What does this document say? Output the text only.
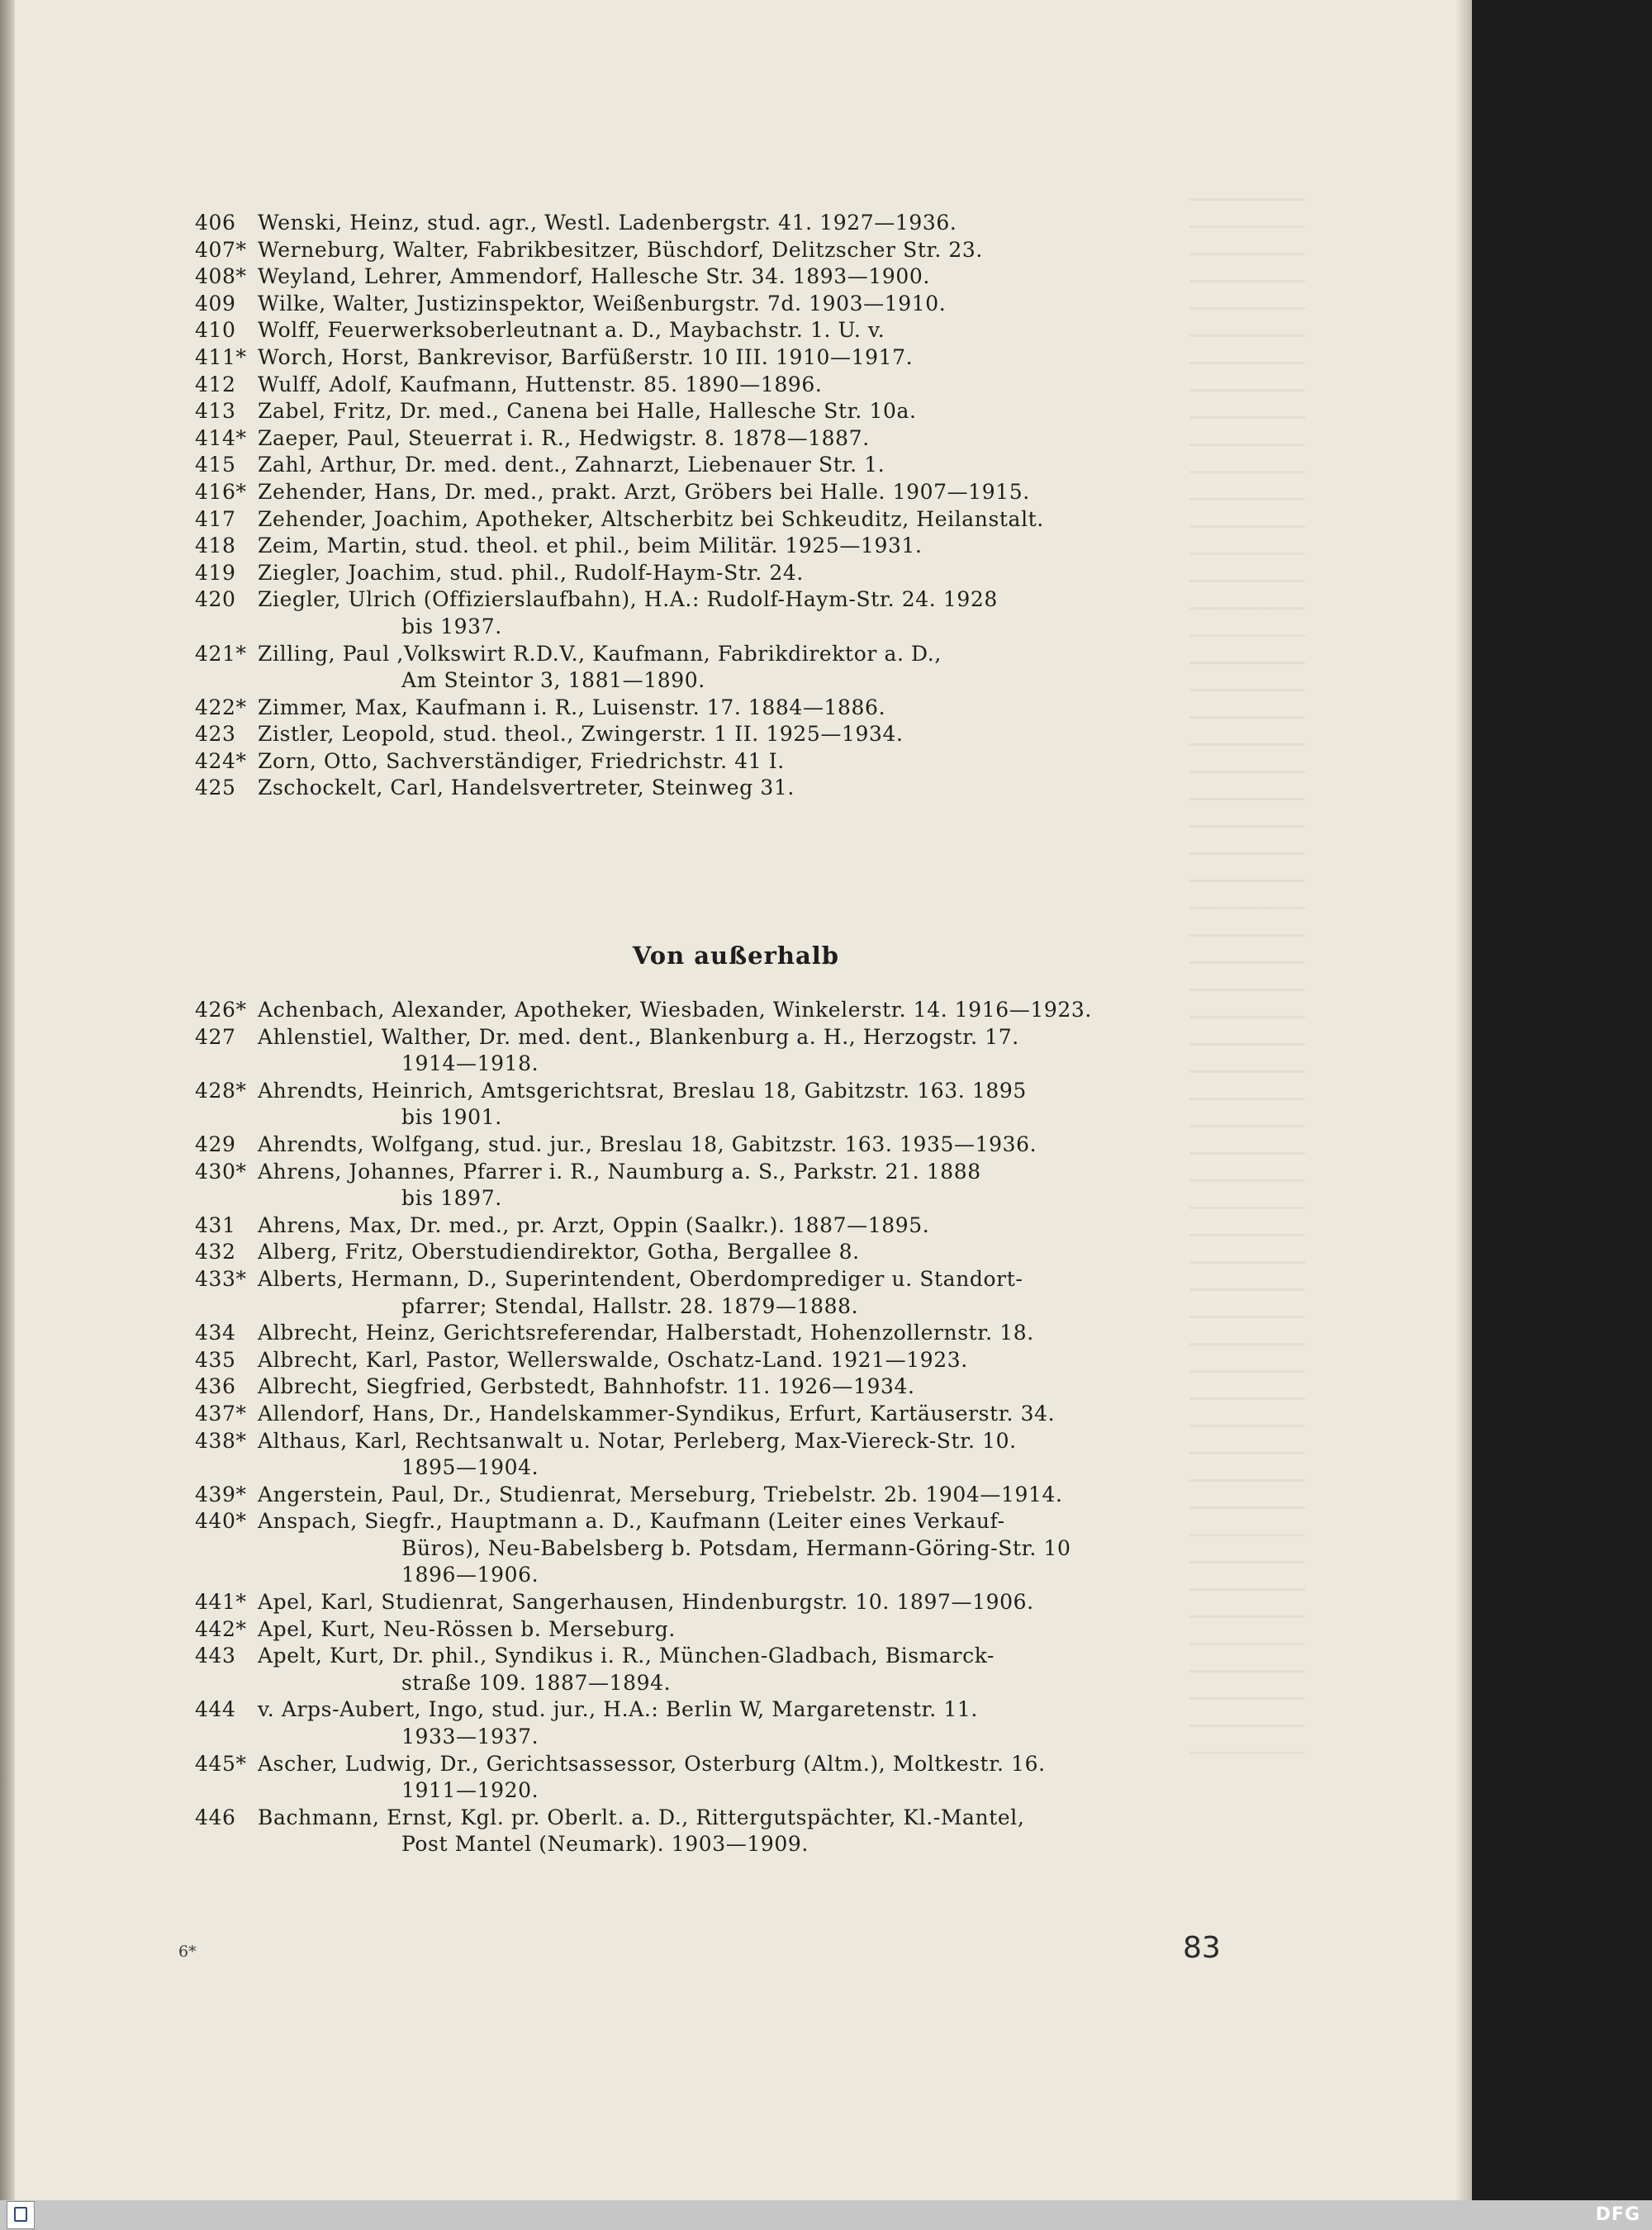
406 Wenski, Heinz, stud. agr., Westl. Ladenbergstr. 41. 1927—1936.
407* Werneburg, Walter, Fabrikbesitzer, Büschdorf, Delitzscher Str. 23.
408* Weyland, Lehrer, Ammendorf, Hallesche Str. 34. 1893—1900.
409 Wilke, Walter, Justizinspektor, Weißenburgstr. 7d. 1903—1910.
410 Wolff, Feuerwerksoberleutnant a. D., Maybachstr. 1. U. v.
411* Worch, Horst, Bankrevisor, Barfüßerstr. 10 III. 1910—1917.
412 Wulff, Adolf, Kaufmann, Huttenstr. 85. 1890—1896.
413 Zabel, Fritz, Dr. med., Canena bei Halle, Hallesche Str. 10a.
414* Zaeper, Paul, Steuerrat i. R., Hedwigstr. 8. 1878—1887.
415 Zahl, Arthur, Dr. med. dent., Zahnarzt, Liebenauer Str. 1.
416* Zehender, Hans, Dr. med., prakt. Arzt, Gröbers bei Halle. 1907—1915.
417 Zehender, Joachim, Apotheker, Altscherbitz bei Schkeuditz, Heilanstalt.
418 Zeim, Martin, stud. theol. et phil., beim Militär. 1925—1931.
419 Ziegler, Joachim, stud. phil., Rudolf-Haym-Str. 24.
420 Ziegler, Ulrich (Offizierslaufbahn), H.A.: Rudolf-Haym-Str. 24. 1928
bis 1937.
421* Zilling, Paul ,Volkswirt R.D.V., Kaufmann, Fabrikdirektor a. D.,
Am Steintor 3, 1881—1890.
422* Zimmer, Max, Kaufmann i. R., Luisenstr. 17. 1884—1886.
423 Zistler, Leopold, stud. theol., Zwingerstr. 1 II. 1925—1934.
424* Zorn, Otto, Sachverständiger, Friedrichstr. 41 I.
425 Zschockelt, Carl, Handelsvertreter, Steinweg 31.
Von außerhalb
426* Achenbach, Alexander, Apotheker, Wiesbaden, Winkelerstr. 14. 1916—1923.
427 Ahlenstiel, Walther, Dr. med. dent., Blankenburg a. H., Herzogstr. 17.
1914—1918.
428* Ahrendts, Heinrich, Amtsgerichtsrat, Breslau 18, Gabitzstr. 163. 1895
bis 1901.
429 Ahrendts, Wolfgang, stud. jur., Breslau 18, Gabitzstr. 163. 1935—1936.
430* Ahrens, Johannes, Pfarrer i. R., Naumburg a. S., Parkstr. 21. 1888
bis 1897.
431 Ahrens, Max, Dr. med., pr. Arzt, Oppin (Saalkr.). 1887—1895.
432 Alberg, Fritz, Oberstudiendirektor, Gotha, Bergallee 8.
433* Alberts, Hermann, D., Superintendent, Oberdomprediger u. Standort-
pfarrer; Stendal, Hallstr. 28. 1879—1888.
434 Albrecht, Heinz, Gerichtsreferendar, Halberstadt, Hohenzollernstr. 18.
435 Albrecht, Karl, Pastor, Wellerswalde, Oschatz-Land. 1921—1923.
436 Albrecht, Siegfried, Gerbstedt, Bahnhofstr. 11. 1926—1934.
437* Allendorf, Hans, Dr., Handelskammer-Syndikus, Erfurt, Kartäuserstr. 34.
438* Althaus, Karl, Rechtsanwalt u. Notar, Perleberg, Max-Viereck-Str. 10.
1895—1904.
439* Angerstein, Paul, Dr., Studienrat, Merseburg, Triebelstr. 2b. 1904—1914.
440* Anspach, Siegfr., Hauptmann a. D., Kaufmann (Leiter eines Verkauf-
Büros), Neu-Babelsberg b. Potsdam, Hermann-Göring-Str. 10
1896—1906.
441* Apel, Karl, Studienrat, Sangerhausen, Hindenburgstr. 10. 1897—1906.
442* Apel, Kurt, Neu-Rössen b. Merseburg.
443 Apelt, Kurt, Dr. phil., Syndikus i. R., München-Gladbach, Bismarck-
straße 109. 1887—1894.
444 v. Arps-Aubert, Ingo, stud. jur., H.A.: Berlin W, Margaretenstr. 11.
1933—1937.
445* Ascher, Ludwig, Dr., Gerichtsassessor, Osterburg (Altm.), Moltkestr. 16.
1911—1920.
446 Bachmann, Ernst, Kgl. pr. Oberlt. a. D., Rittergutspächter, Kl.-Mantel,
Post Mantel (Neumark). 1903—1909.
6*	83
DFG
